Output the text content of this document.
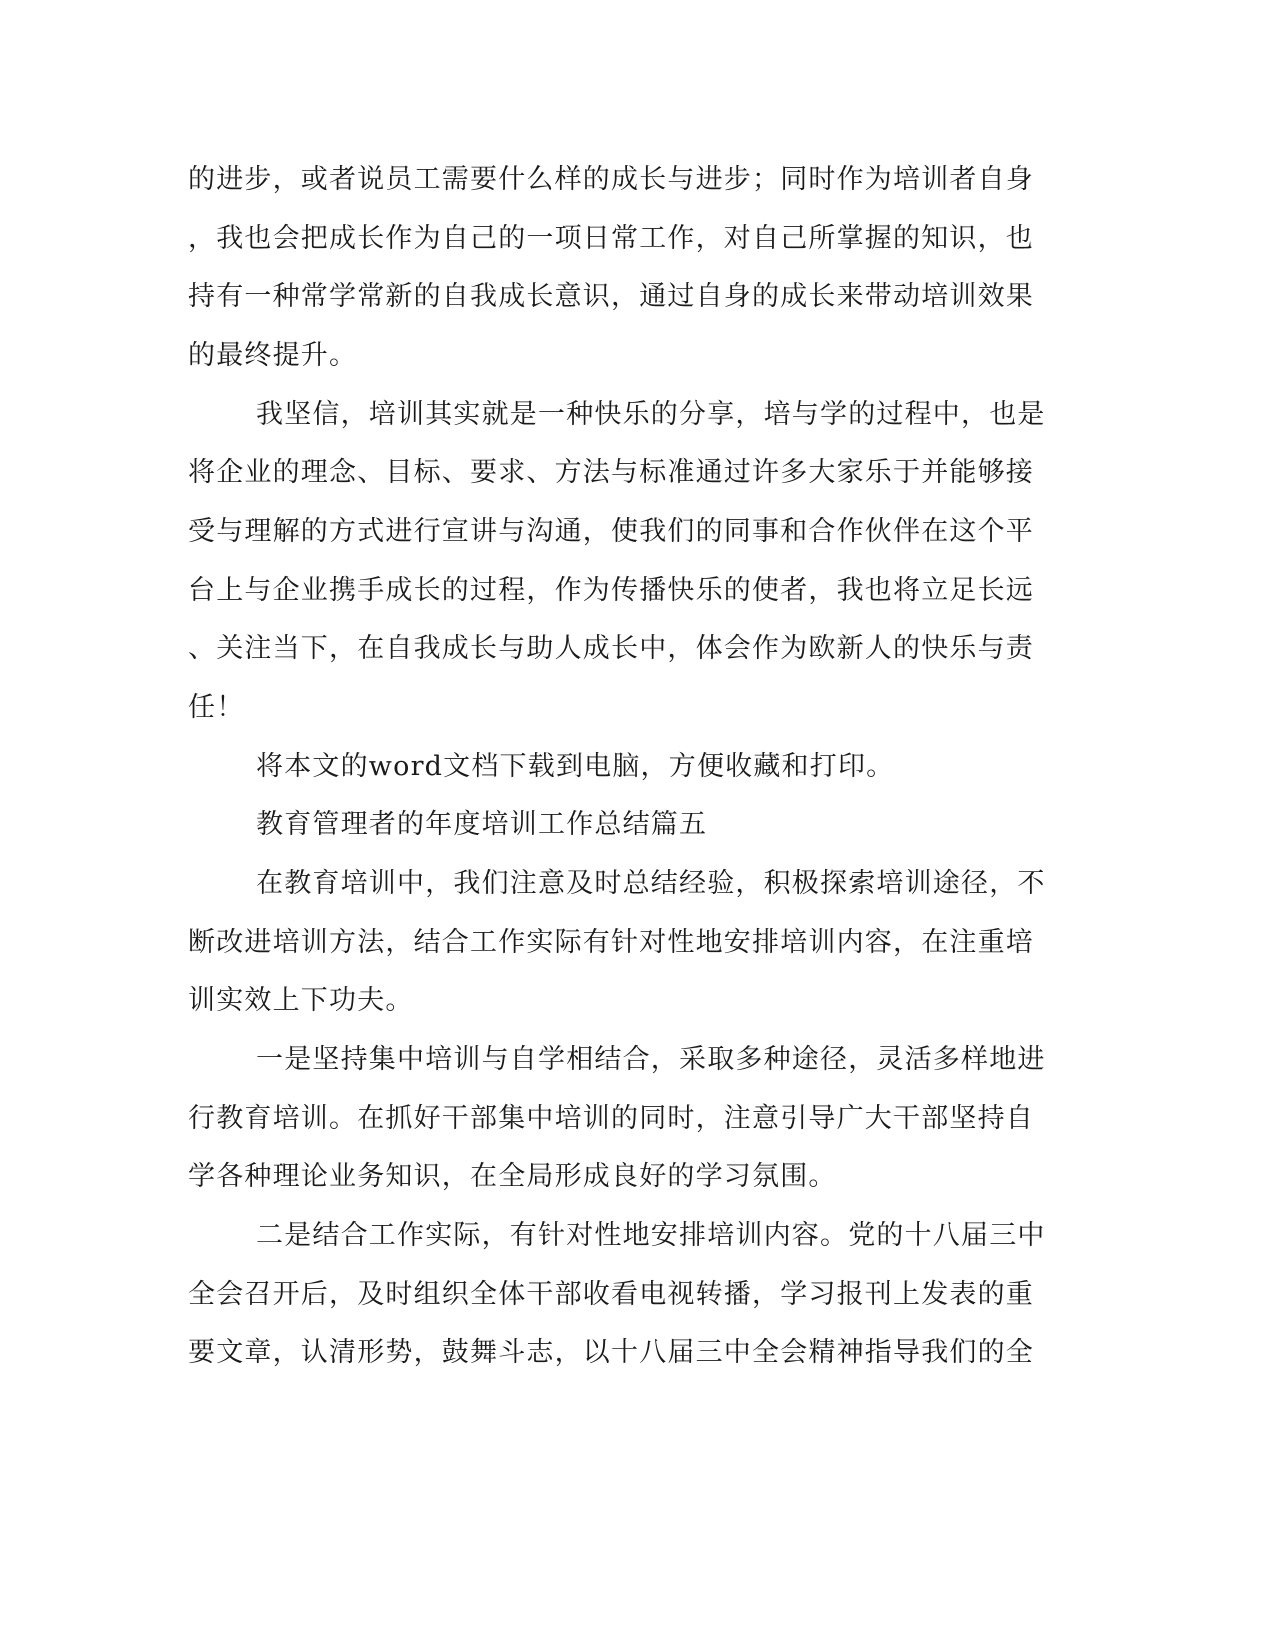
的进步，或者说员工需要什么样的成长与进步；同时作为培训者自身
，我也会把成长作为自己的一项日常工作，对自己所掌握的知识，也
持有一种常学常新的自我成长意识，通过自身的成长来带动培训效果
的最终提升。
我坚信，培训其实就是一种快乐的分享，培与学的过程中，也是
将企业的理念、目标、要求、方法与标准通过许多大家乐于并能够接
受与理解的方式进行宣讲与沟通，使我们的同事和合作伙伴在这个平
台上与企业携手成长的过程，作为传播快乐的使者，我也将立足长远
、关注当下，在自我成长与助人成长中，体会作为欧新人的快乐与责
任！
将本文的word文档下载到电脑，方便收藏和打印。
教育管理者的年度培训工作总结篇五
在教育培训中，我们注意及时总结经验，积极探索培训途径，不
断改进培训方法，结合工作实际有针对性地安排培训内容，在注重培
训实效上下功夫。
一是坚持集中培训与自学相结合，采取多种途径，灵活多样地进
行教育培训。在抓好干部集中培训的同时，注意引导广大干部坚持自
学各种理论业务知识，在全局形成良好的学习氛围。
二是结合工作实际，有针对性地安排培训内容。党的十八届三中
全会召开后，及时组织全体干部收看电视转播，学习报刊上发表的重
要文章，认清形势，鼓舞斗志，以十八届三中全会精神指导我们的全
